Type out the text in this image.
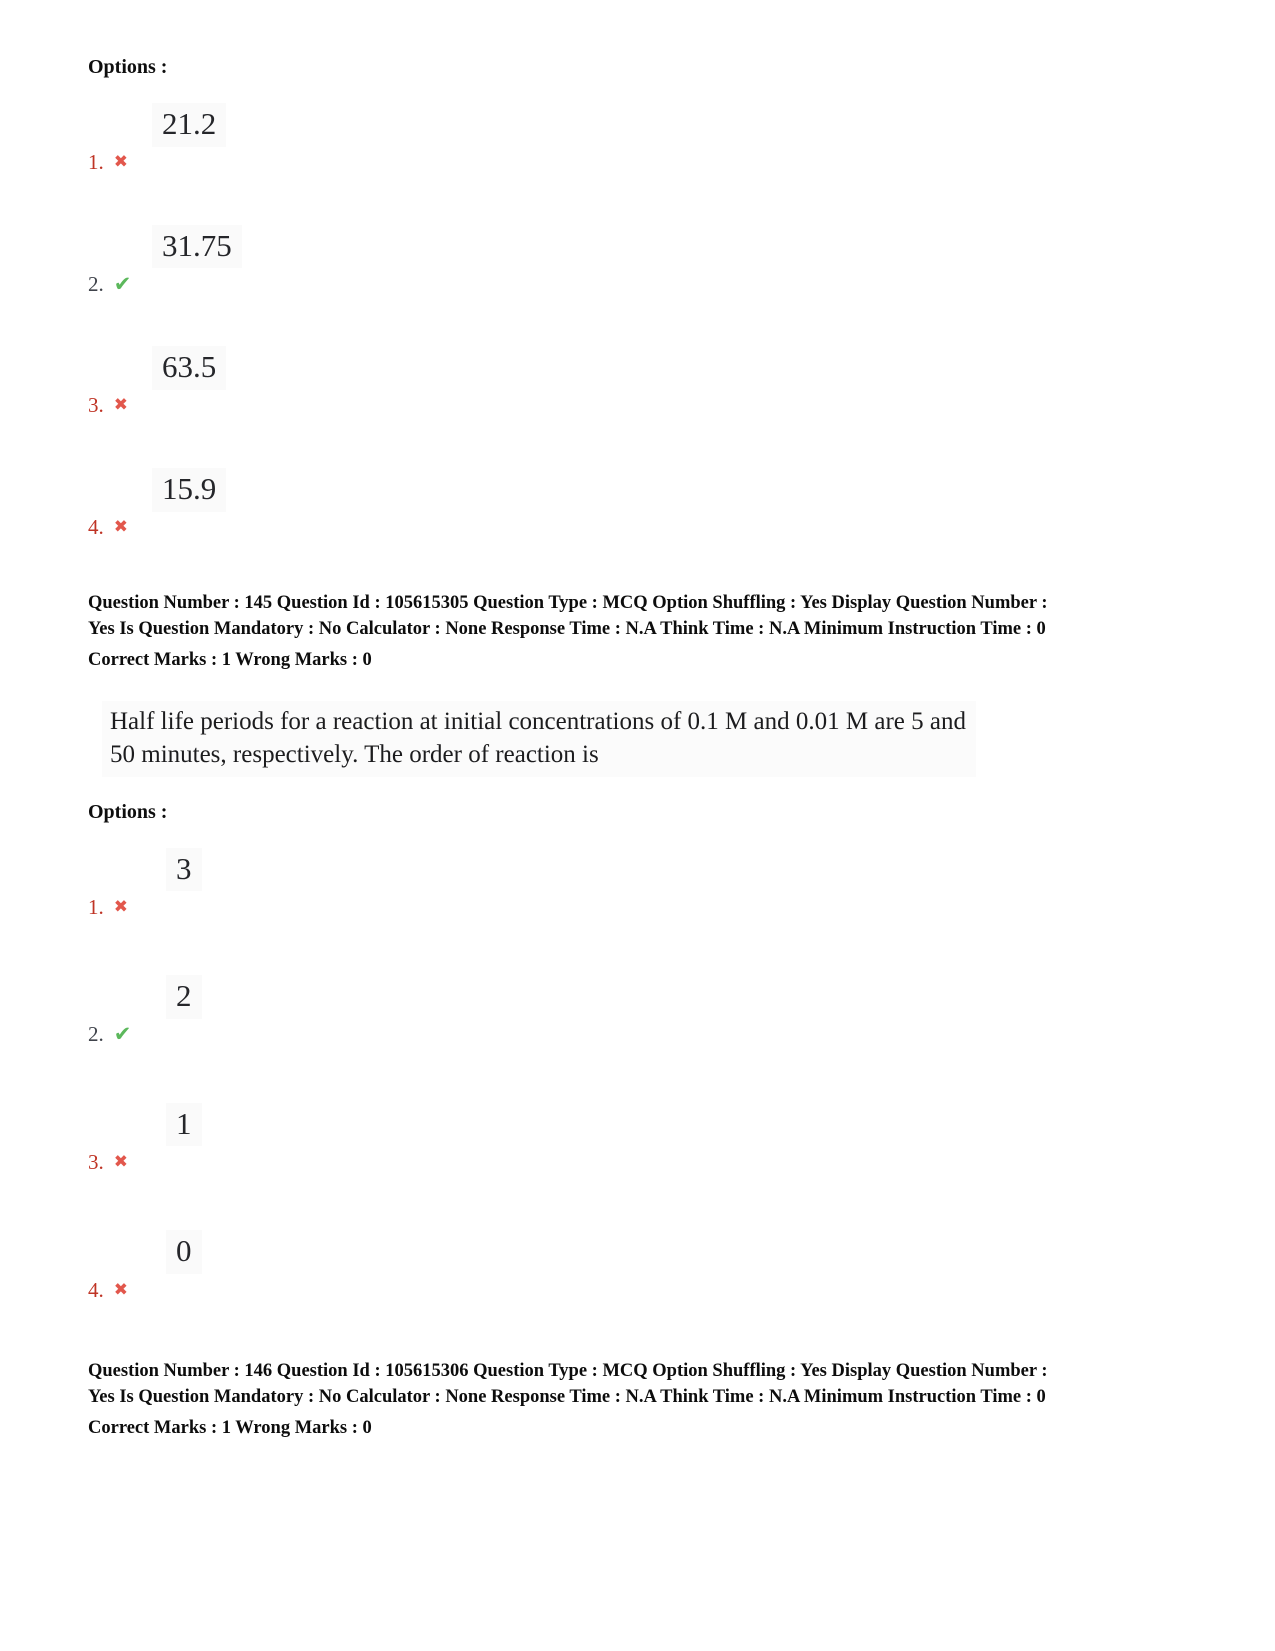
Options :
21.2
1. ✖
31.75
2. ✔
63.5
3. ✖
15.9
4. ✖
Question Number : 145 Question Id : 105615305 Question Type : MCQ Option Shuffling : Yes Display Question Number :
Yes Is Question Mandatory : No Calculator : None Response Time : N.A Think Time : N.A Minimum Instruction Time : 0
Correct Marks : 1 Wrong Marks : 0
Half life periods for a reaction at initial concentrations of 0.1 M and 0.01 M are 5 and
50 minutes, respectively. The order of reaction is
Options :
3
1. ✖
2
2. ✔
1
3. ✖
0
4. ✖
Question Number : 146 Question Id : 105615306 Question Type : MCQ Option Shuffling : Yes Display Question Number :
Yes Is Question Mandatory : No Calculator : None Response Time : N.A Think Time : N.A Minimum Instruction Time : 0
Correct Marks : 1 Wrong Marks : 0
